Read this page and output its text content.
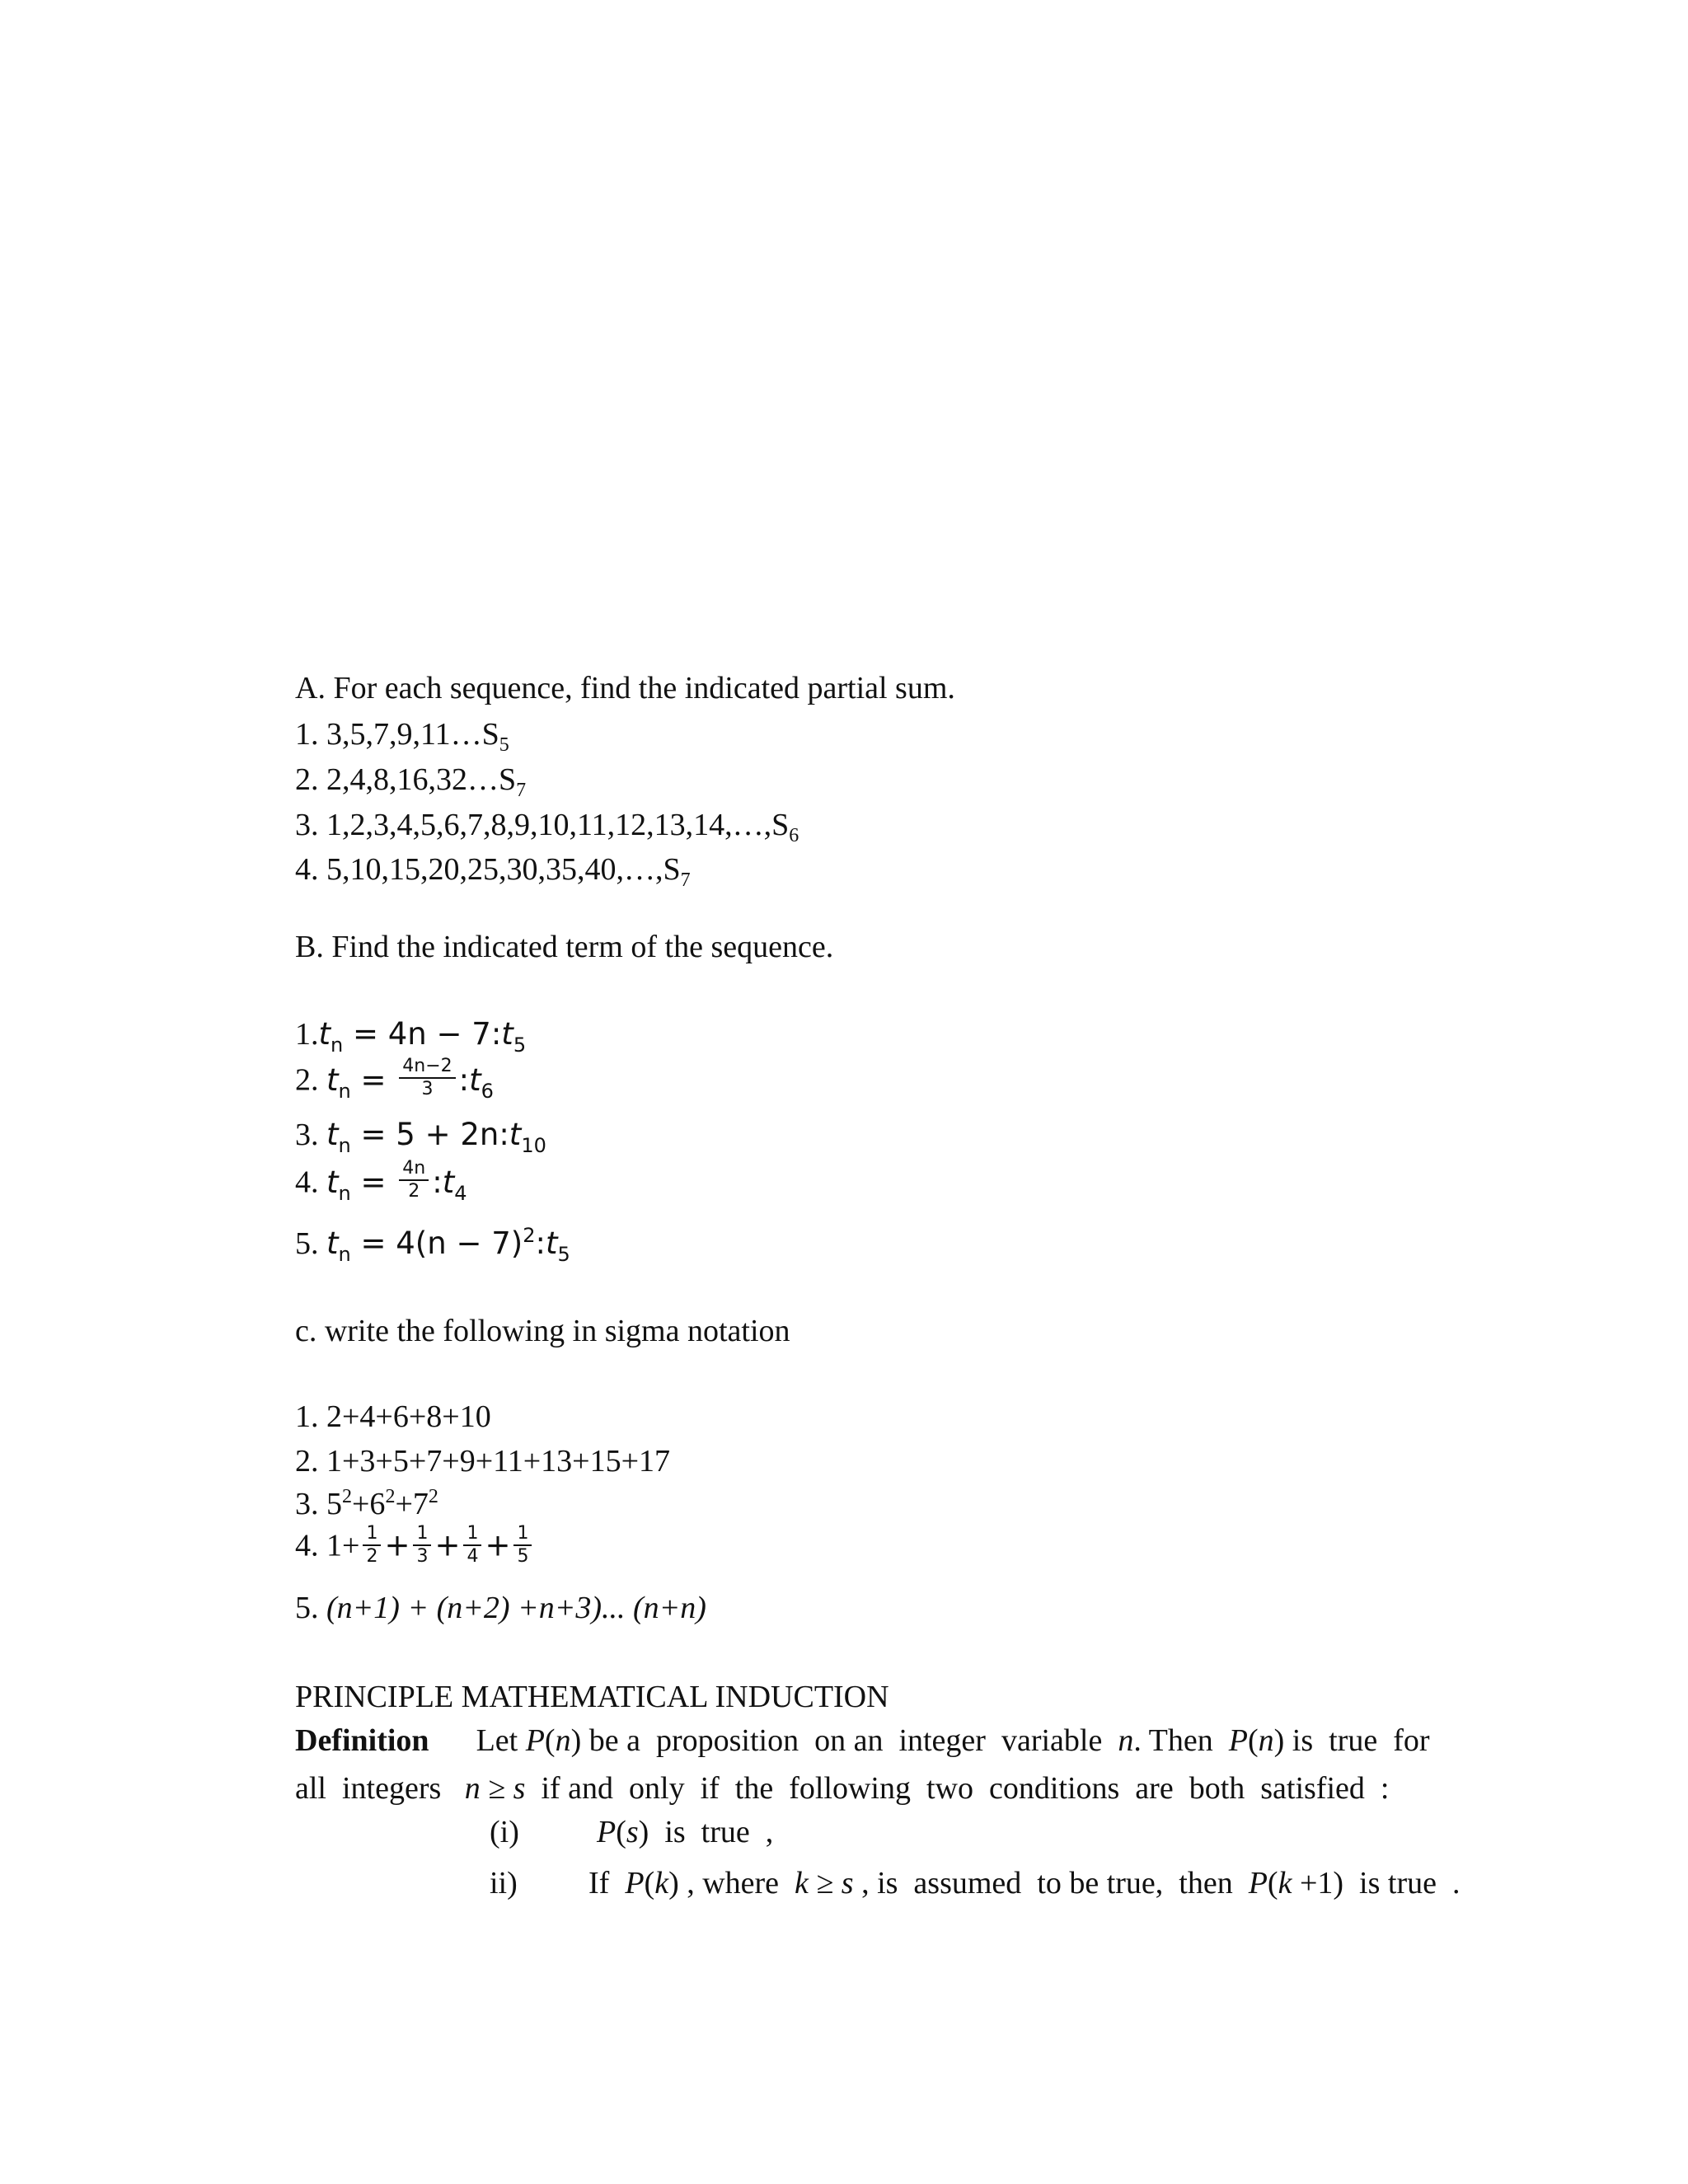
A. For each sequence, find the indicated partial sum.
1. $3,5,7,9,11\dots S_5$
2. $2,4,8,16,32\dots S_7$
3. $1,2,3,4,5,6,7,8,9,10,11,12,13,14,\dots,S_6$
4. $5,10,15,20,25,30,35,40,\dots,S_7$
B. Find the indicated term of the sequence.
$1.t_n = 4n$ − $7:t_5$
2. $t_n = \frac{4n-2}{3}$ $:t_6$
3. $t_n = 5$ + $2n:t_{10}$
4. $t_n = \frac{4n}{2}$ $:t_4$
5. $t_n = 4(n$ − $7)^2:t_5$
c. write the following in sigma notation
1. 2+4+6+8+10
2. 1+3+5+7+9+11+13+15+17
3. $5^2+6^2+7^2$
4. $1+ \frac{1}{2} + \frac{1}{3} + \frac{1}{4} + \frac{1}{5}$
5. (n+1) + (n+2) +n+3)... (n+n)
PRINCIPLE MATHEMATICAL INDUCTION
Definition Let P(n) be a  proposition  on an  integer  variable  n. Then  P(n) is  true  for
all  integers   n ≥ s  if and  only  if  the  following  two  conditions  are  both  satisfied  :
(i) P(s)  is  true  ,
ii) If  P(k) , where  k ≥ s , is  assumed  to be true,  then  P(k +1)  is true  .
